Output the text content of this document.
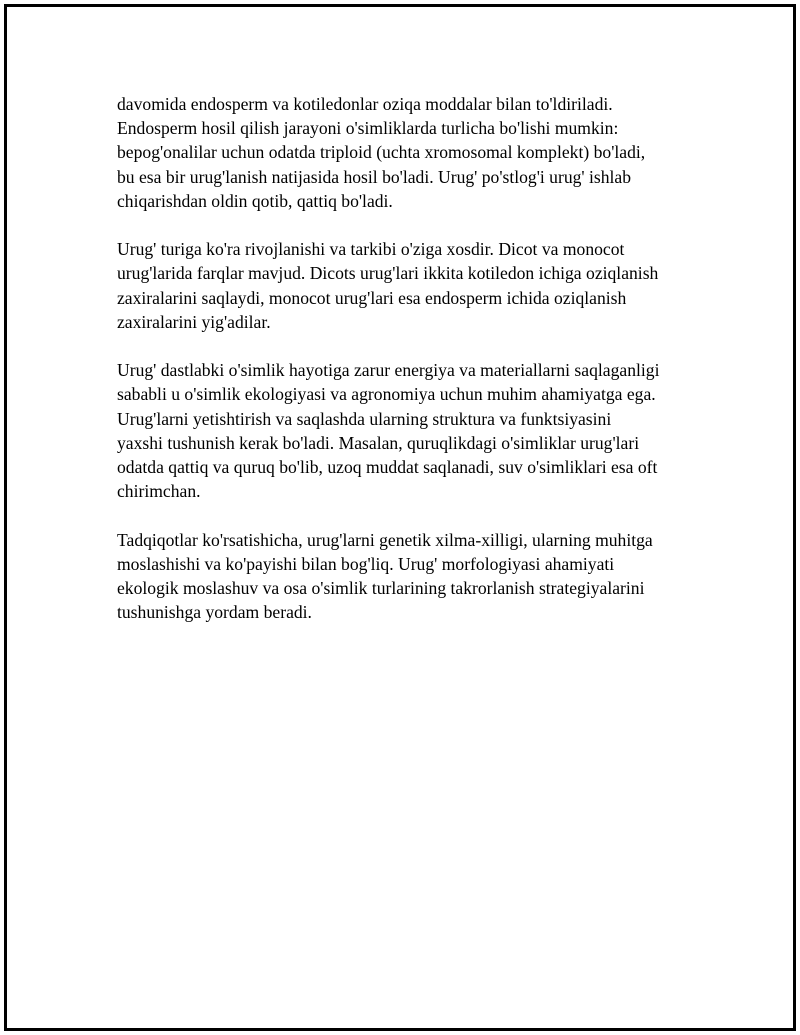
davomida endosperm va kotiledonlar oziqa moddalar bilan to'ldiriladi.
Endosperm hosil qilish jarayoni o'simliklarda turlicha bo'lishi mumkin:
bepog'onalilar uchun odatda triploid (uchta xromosomal komplekt) bo'ladi,
bu esa bir urug'lanish natijasida hosil bo'ladi. Urug' po'stlog'i urug' ishlab
chiqarishdan oldin qotib, qattiq bo'ladi.

Urug' turiga ko'ra rivojlanishi va tarkibi o'ziga xosdir. Dicot va monocot
urug'larida farqlar mavjud. Dicots urug'lari ikkita kotiledon ichiga oziqlanish
zaxiralarini saqlaydi, monocot urug'lari esa endosperm ichida oziqlanish
zaxiralarini yig'adilar.

Urug' dastlabki o'simlik hayotiga zarur energiya va materiallarni saqlaganligi
sababli u o'simlik ekologiyasi va agronomiya uchun muhim ahamiyatga ega.
Urug'larni yetishtirish va saqlashda ularning struktura va funktsiyasini
yaxshi tushunish kerak bo'ladi. Masalan, quruqlikdagi o'simliklar urug'lari
odatda qattiq va quruq bo'lib, uzoq muddat saqlanadi, suv o'simliklari esa oft
chirimchan.

Tadqiqotlar ko'rsatishicha, urug'larni genetik xilma-xilligi, ularning muhitga
moslashishi va ko'payishi bilan bog'liq. Urug' morfologiyasi ahamiyati
ekologik moslashuv va osa o'simlik turlarining takrorlanish strategiyalarini
tushunishga yordam beradi.
